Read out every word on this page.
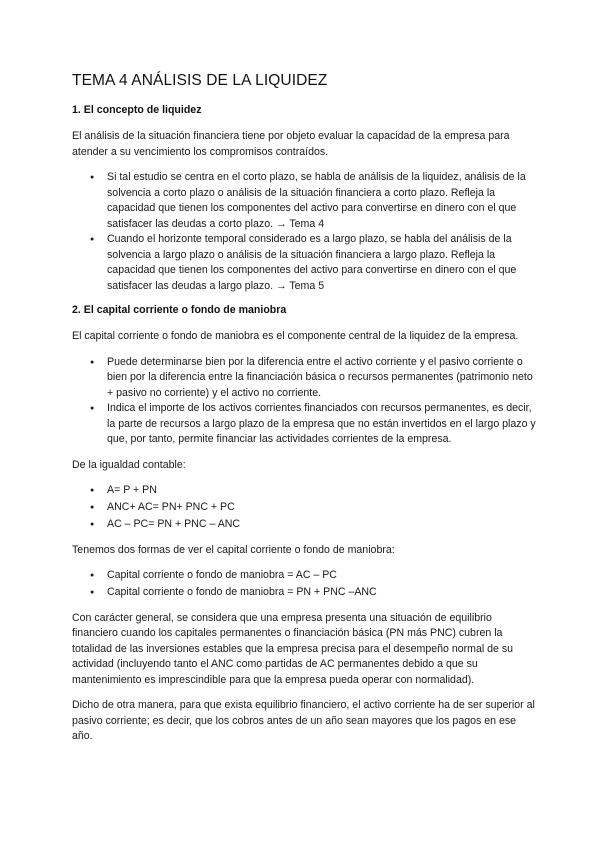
TEMA 4 ANÁLISIS DE LA LIQUIDEZ
1. El concepto de liquidez

El análisis de la situación financiera tiene por objeto evaluar la capacidad de la empresa para atender a su vencimiento los compromisos contraídos.

● Si tal estudio se centra en el corto plazo, se habla de análisis de la liquidez, análisis de la solvencia a corto plazo o análisis de la situación financiera a corto plazo. Refleja la capacidad que tienen los componentes del activo para convertirse en dinero con el que satisfacer las deudas a corto plazo. → Tema 4
● Cuando el horizonte temporal considerado es a largo plazo, se habla del análisis de la solvencia a largo plazo o análisis de la situación financiera a largo plazo. Refleja la capacidad que tienen los componentes del activo para convertirse en dinero con el que satisfacer las deudas a largo plazo. → Tema 5
2. El capital corriente o fondo de maniobra

El capital corriente o fondo de maniobra es el componente central de la liquidez de la empresa.

● Puede determinarse bien por la diferencia entre el activo corriente y el pasivo corriente o bien por la diferencia entre la financiación básica o recursos permanentes (patrimonio neto + pasivo no corriente) y el activo no corriente.
● Indica el importe de los activos corrientes financiados con recursos permanentes, es decir, la parte de recursos a largo plazo de la empresa que no están invertidos en el largo plazo y que, por tanto, permite financiar las actividades corrientes de la empresa.

De la igualdad contable:

● A= P + PN
● ANC+ AC= PN+ PNC + PC
● AC – PC= PN + PNC – ANC

Tenemos dos formas de ver el capital corriente o fondo de maniobra:

● Capital corriente o fondo de maniobra = AC – PC
● Capital corriente o fondo de maniobra = PN + PNC –ANC

Con carácter general, se considera que una empresa presenta una situación de equilibrio financiero cuando los capitales permanentes o financiación básica (PN más PNC) cubren la totalidad de las inversiones estables que la empresa precisa para el desempeño normal de su actividad (incluyendo tanto el ANC como partidas de AC permanentes debido a que su mantenimiento es imprescindible para que la empresa pueda operar con normalidad).

Dicho de otra manera, para que exista equilibrio financiero, el activo corriente ha de ser superior al pasivo corriente; es decir, que los cobros antes de un año sean mayores que los pagos en ese año.
